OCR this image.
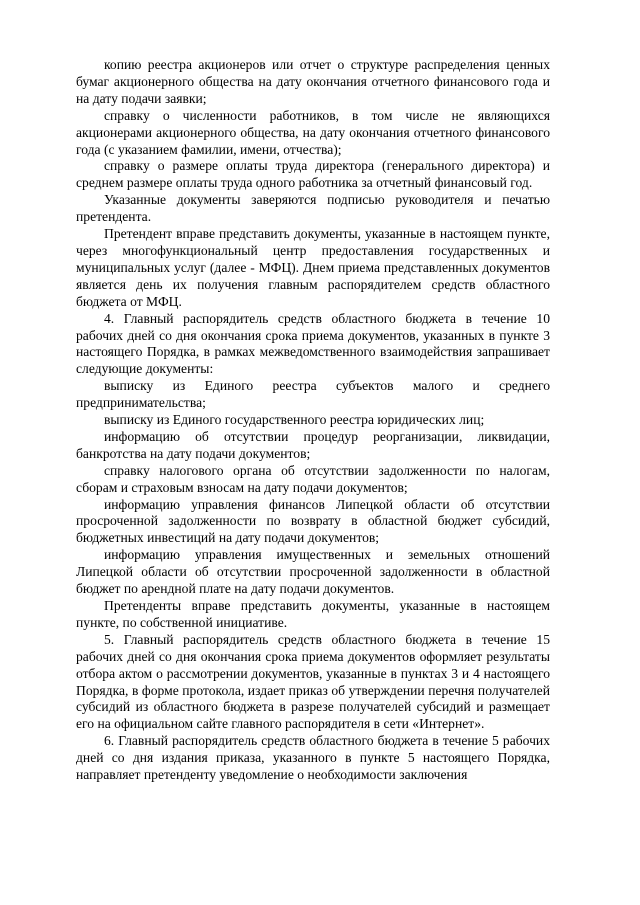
копию реестра акционеров или отчет о структуре распределения ценных бумаг акционерного общества на дату окончания отчетного финансового года и на дату подачи заявки;

справку о численности работников, в том числе не являющихся акционерами акционерного общества, на дату окончания отчетного финансового года (с указанием фамилии, имени, отчества);

справку о размере оплаты труда директора (генерального директора) и среднем размере оплаты труда одного работника за отчетный финансовый год.

Указанные документы заверяются подписью руководителя и печатью претендента.

Претендент вправе представить документы, указанные в настоящем пункте, через многофункциональный центр предоставления государственных и муниципальных услуг (далее - МФЦ). Днем приема представленных документов является день их получения главным распорядителем средств областного бюджета от МФЦ.

4. Главный распорядитель средств областного бюджета в течение 10 рабочих дней со дня окончания срока приема документов, указанных в пункте 3 настоящего Порядка, в рамках межведомственного взаимодействия запрашивает следующие документы:

выписку из Единого реестра субъектов малого и среднего предпринимательства;

выписку из Единого государственного реестра юридических лиц;

информацию об отсутствии процедур реорганизации, ликвидации, банкротства на дату подачи документов;

справку налогового органа об отсутствии задолженности по налогам, сборам и страховым взносам на дату подачи документов;

информацию управления финансов Липецкой области об отсутствии просроченной задолженности по возврату в областной бюджет субсидий, бюджетных инвестиций на дату подачи документов;

информацию управления имущественных и земельных отношений Липецкой области об отсутствии просроченной задолженности в областной бюджет по арендной плате на дату подачи документов.

Претенденты вправе представить документы, указанные в настоящем пункте, по собственной инициативе.

5. Главный распорядитель средств областного бюджета в течение 15 рабочих дней со дня окончания срока приема документов оформляет результаты отбора актом о рассмотрении документов, указанные в пунктах 3 и 4 настоящего Порядка, в форме протокола, издает приказ об утверждении перечня получателей субсидий из областного бюджета в разрезе получателей субсидий и размещает его на официальном сайте главного распорядителя в сети «Интернет».

6. Главный распорядитель средств областного бюджета в течение 5 рабочих дней со дня издания приказа, указанного в пункте 5 настоящего Порядка, направляет претенденту уведомление о необходимости заключения
